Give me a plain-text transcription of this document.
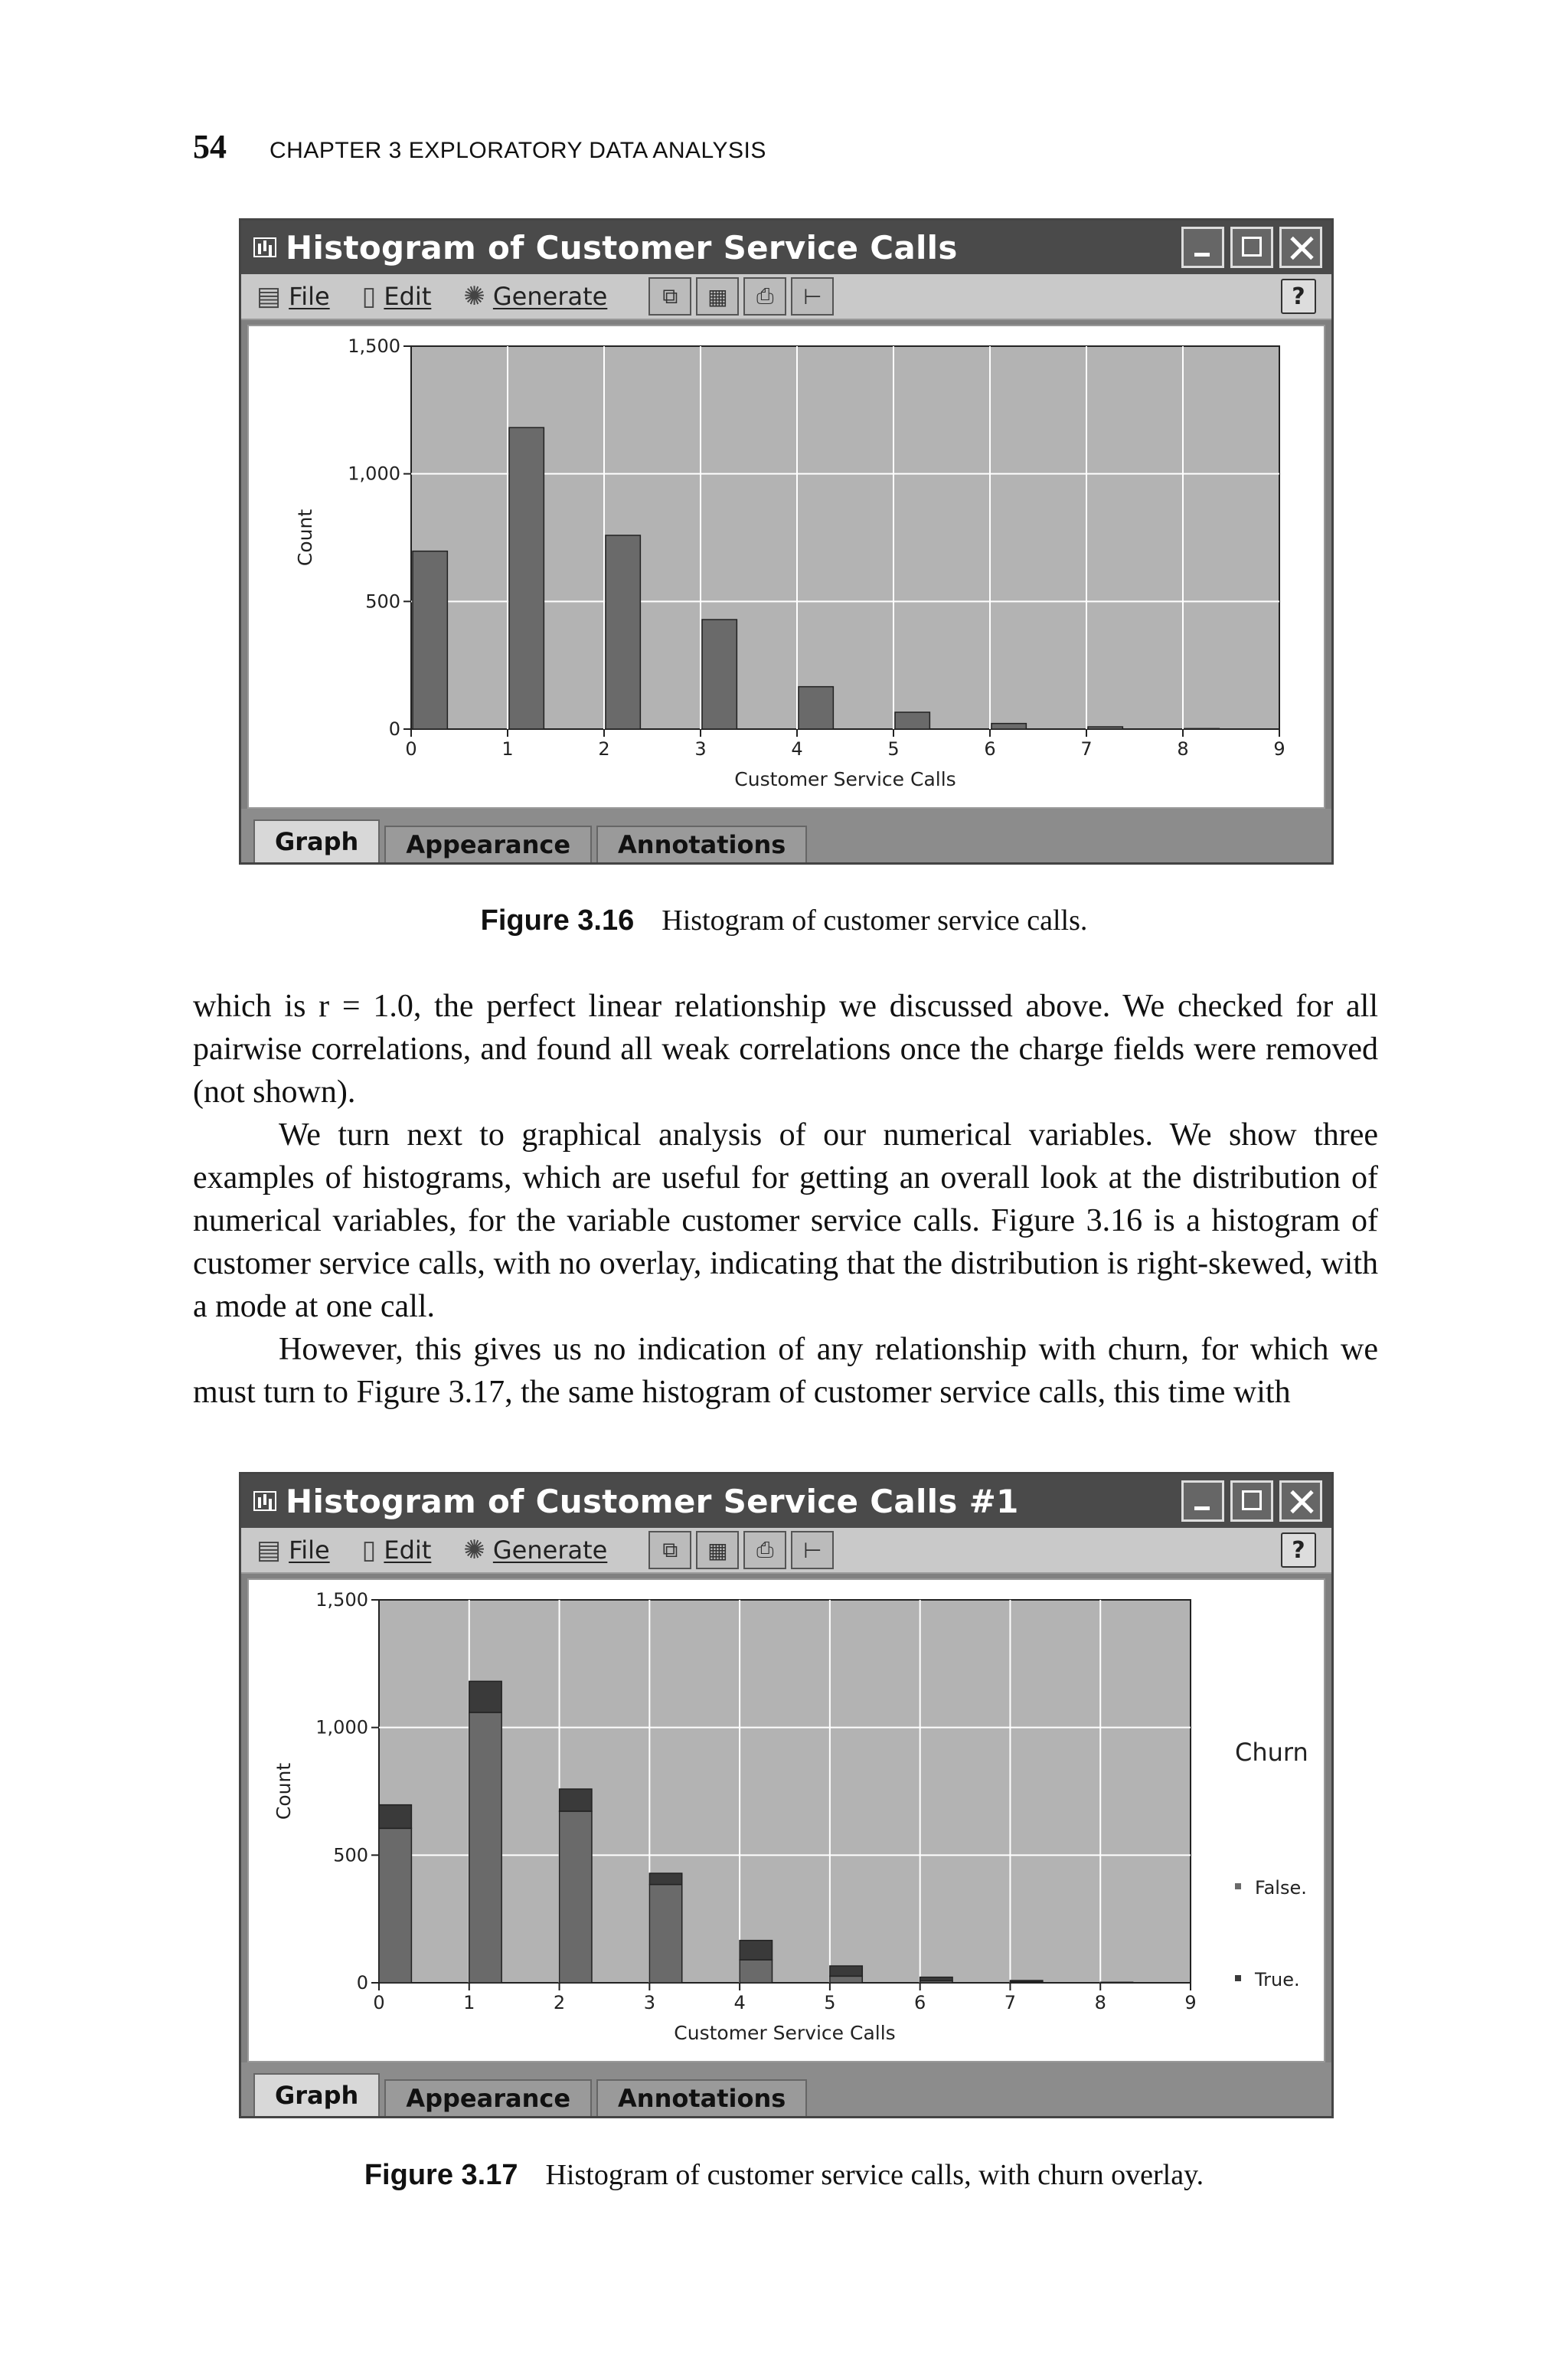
54 CHAPTER 3 EXPLORATORY DATA ANALYSIS
Histogram of Customer Service Calls
▤ File ▯ Edit ✺ Generate	⧉	▦	⎙	⊢	?
0	1	2	3	4	5	6	7	8	9
0
500
1,000
1,500
Customer Service Calls
Count
Graph	Appearance	Annotations
Figure 3.16 Histogram of customer service calls.

which is r = 1.0, the perfect linear relationship we discussed above. We checked for all pairwise correlations, and found all weak correlations once the charge fields were removed (not shown).

We turn next to graphical analysis of our numerical variables. We show three examples of histograms, which are useful for getting an overall look at the distribution of numerical variables, for the variable customer service calls. Figure 3.16 is a histogram of customer service calls, with no overlay, indicating that the distribution is right-skewed, with a mode at one call.

However, this gives us no indication of any relationship with churn, for which we must turn to Figure 3.17, the same histogram of customer service calls, this time with

Histogram of Customer Service Calls #1
▤ File ▯ Edit ✺ Generate	⧉	▦	⎙	⊢	?
0	1	2	3	4	5	6	7	8	9
0
500
1,000
1,500
Customer Service Calls
Count
Churn
False.
True.
Graph	Appearance	Annotations
Figure 3.17 Histogram of customer service calls, with churn overlay.
